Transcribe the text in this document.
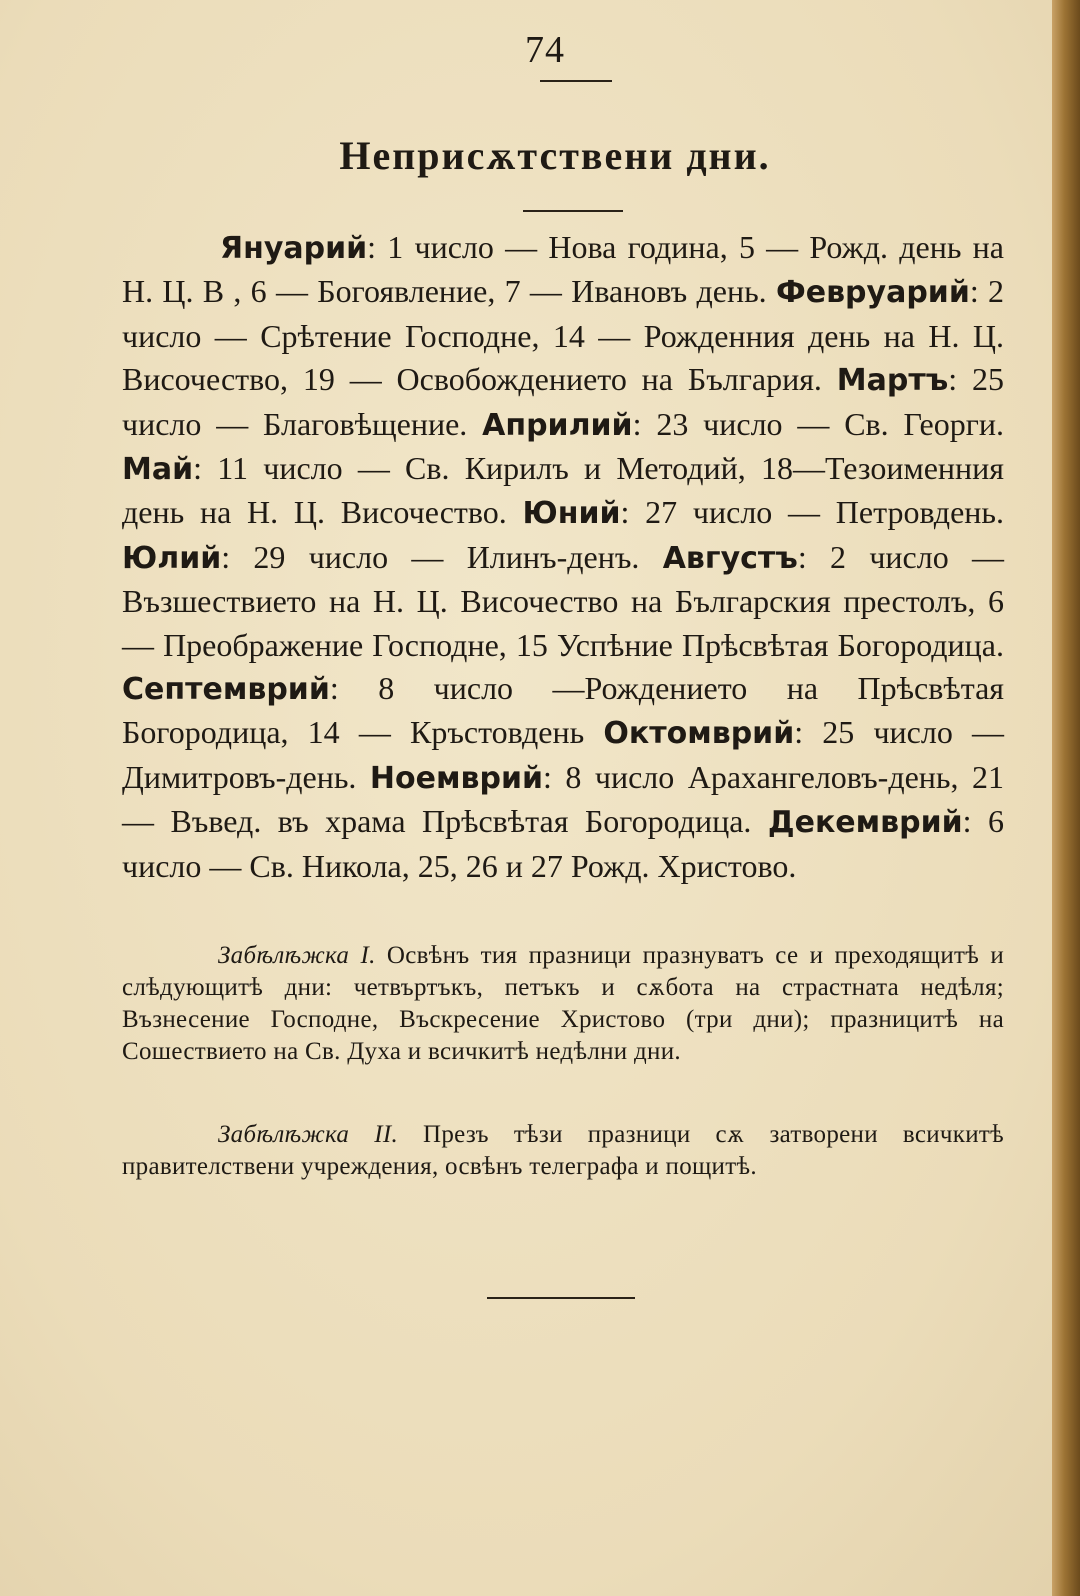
74
Неприсѫтствени дни.

Януарий: 1 число — Нова година, 5 — Рожд. день на Н. Ц. В , 6 — Богоявление, 7 — Ивановъ день. Февруарий: 2 число — Срѣтение Господне, 14 — Рожденния день на Н. Ц. Височество, 19 — Освобождението на България. Мартъ: 25 число — Благовѣщение. Априлий: 23 число — Св. Георги. Май: 11 число — Св. Кирилъ и Методий, 18—Тезоименния день на Н. Ц. Височество. Юний: 27 число — Петровдень. Юлий: 29 число — Илинъ-денъ. Августъ: 2 число — Възшествието на Н. Ц. Височество на Българския престолъ, 6 — Преображение Господне, 15 Успѣние Прѣсвѣтая Богородица. Септемврий: 8 число —Рождението на Прѣсвѣтая Богородица, 14 — Кръстовдень Октомврий: 25 число — Димитровъ-день. Ноемврий: 8 число Арахангеловъ-день, 21 — Въвед. въ храма Прѣсвѣтая Богородица. Декемврий: 6 число — Св. Никола, 25, 26 и 27 Рожд. Христово.

Забѣлѣжка I. Освѣнъ тия празници празнуватъ се и преходящитѣ и слѣдующитѣ дни: четвъртъкъ, петъкъ и сѫбота на страстната недѣля; Възнесение Господне, Въскресение Христово (три дни); празницитѣ на Сошествието на Св. Духа и всичкитѣ недѣлни дни.

Забѣлѣжка II. Презъ тѣзи празници сѫ затворени всичкитѣ правителствени учреждения, освѣнъ телеграфа и пощитѣ.
